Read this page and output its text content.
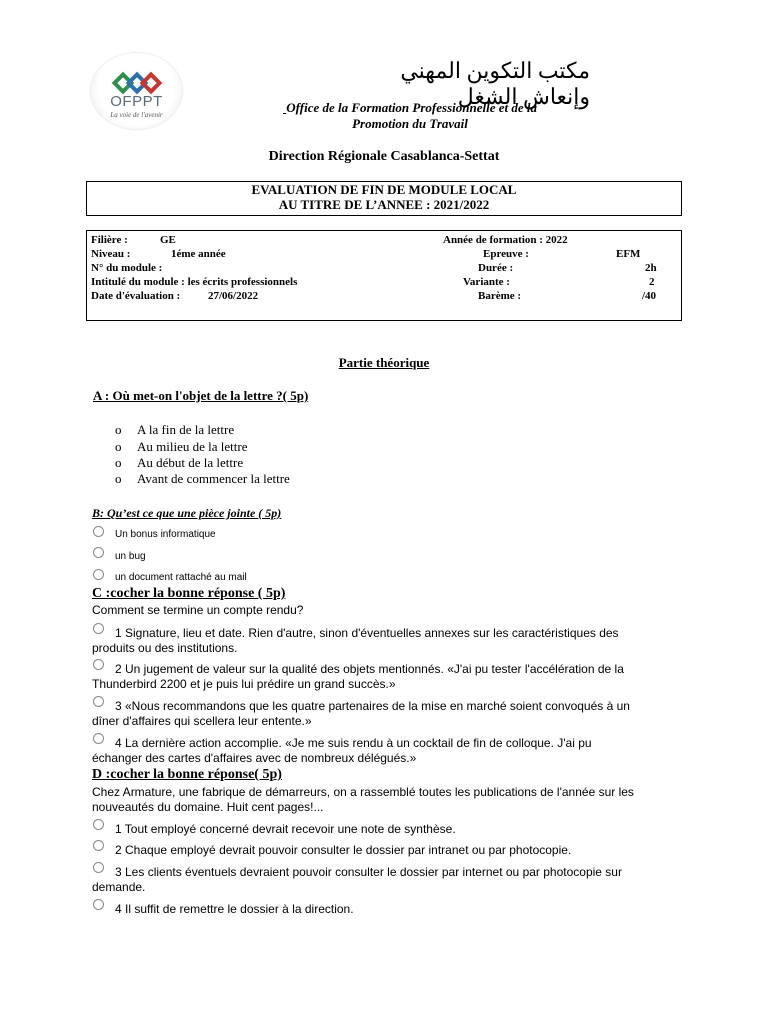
OFPPT
La voie de l'avenir
مكتب التكوين المهني وإنعاش الشغل
Office de la Formation Professionnelle et de la
Promotion du Travail
Direction Régionale Casablanca-Settat
EVALUATION DE FIN DE MODULE LOCAL
AU TITRE DE L’ANNEE : 2021/2022
Filière :	GE
Niveau :	1éme année
N° du module :
Intitulé du module : les écrits professionnels
Date d'évaluation :	27/06/2022
Année de formation : 2022
Epreuve :	EFM
Durée :	2h
Variante :	2
Barème :	/40
Partie théorique
A : Où met-on l'objet de la lettre ?( 5p)
o A la fin de la lettre
o Au milieu de la lettre
o Au début de la lettre
o Avant de commencer la lettre
B: Qu’est ce que une pièce jointe ( 5p)
Un bonus informatique
un bug
un document rattaché au mail
C :cocher la bonne réponse ( 5p)
Comment se termine un compte rendu?
1 Signature, lieu et date. Rien d'autre, sinon d'éventuelles annexes sur les caractéristiques des
produits ou des institutions.
2 Un jugement de valeur sur la qualité des objets mentionnés. «J'ai pu tester l'accélération de la
Thunderbird 2200 et je puis lui prédire un grand succès.»
3 «Nous recommandons que les quatre partenaires de la mise en marché soient convoqués à un
dîner d'affaires qui scellera leur entente.»
4 La dernière action accomplie. «Je me suis rendu à un cocktail de fin de colloque. J'ai pu
échanger des cartes d'affaires avec de nombreux délégués.»
D :cocher la bonne réponse( 5p)
Chez Armature, une fabrique de démarreurs, on a rassemblé toutes les publications de l'année sur les
nouveautés du domaine. Huit cent pages!...
1 Tout employé concerné devrait recevoir une note de synthèse.
2 Chaque employé devrait pouvoir consulter le dossier par intranet ou par photocopie.
3 Les clients éventuels devraient pouvoir consulter le dossier par internet ou par photocopie sur
demande.
4 Il suffit de remettre le dossier à la direction.
